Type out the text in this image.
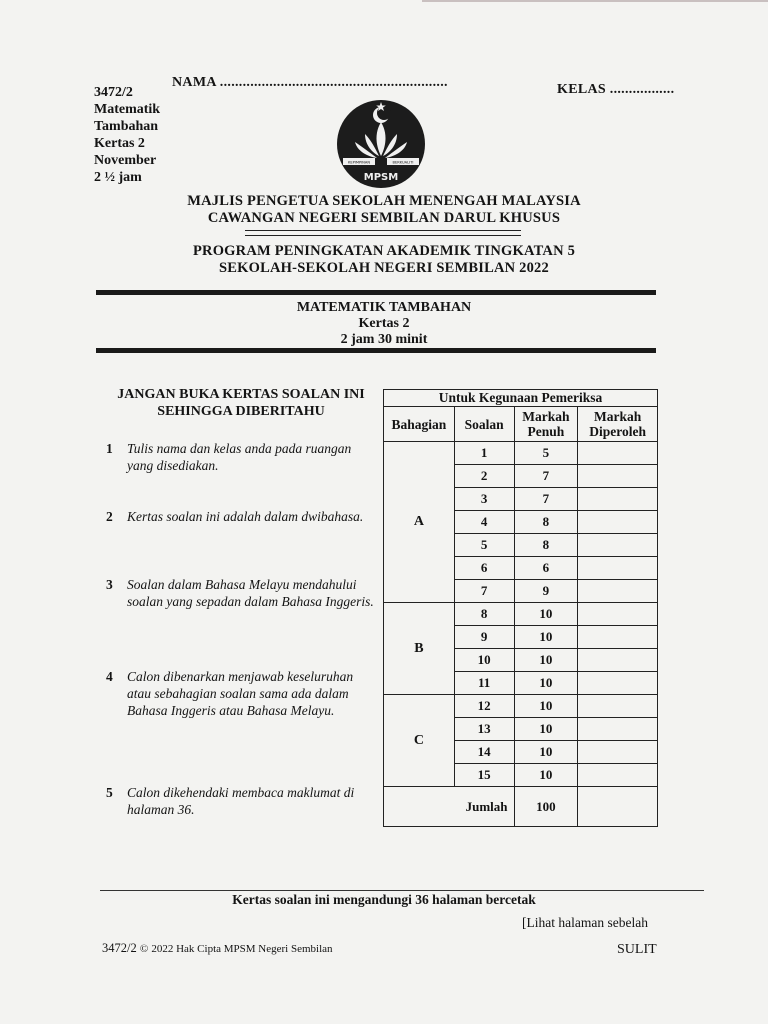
3472/2
Matematik
Tambahan
Kertas 2
November
2 ½ jam
NAMA ............................................................	KELAS .................
KEPIMPINAN	BERKUALITI
MPSM
MAJLIS PENGETUA SEKOLAH MENENGAH MALAYSIA
CAWANGAN NEGERI SEMBILAN DARUL KHUSUS
PROGRAM PENINGKATAN AKADEMIK TINGKATAN 5
SEKOLAH-SEKOLAH NEGERI SEMBILAN 2022
MATEMATIK TAMBAHAN
Kertas 2
2 jam 30 minit
JANGAN BUKA KERTAS SOALAN INI
SEHINGGA DIBERITAHU
1 Tulis nama dan kelas anda pada ruangan yang disediakan.
2 Kertas soalan ini adalah dalam dwibahasa.
3 Soalan dalam Bahasa Melayu mendahului soalan yang sepadan dalam Bahasa Inggeris.
4 Calon dibenarkan menjawab keseluruhan atau sebahagian soalan sama ada dalam Bahasa Inggeris atau Bahasa Melayu.
5 Calon dikehendaki membaca maklumat di halaman 36.
Untuk Kegunaan Pemeriksa			
Bahagian	Soalan	Markah Penuh	Markah Diperoleh
A	1	5	
	2	7	
	3	7	
	4	8	
	5	8	
	6	6	
	7	9	
B	8	10	
	9	10	
	10	10	
	11	10	
C	12	10	
	13	10	
	14	10	
	15	10	
Jumlah		100	
Kertas soalan ini mengandungi 36 halaman bercetak
[Lihat halaman sebelah
3472/2 © 2022 Hak Cipta MPSM Negeri Sembilan	SULIT
